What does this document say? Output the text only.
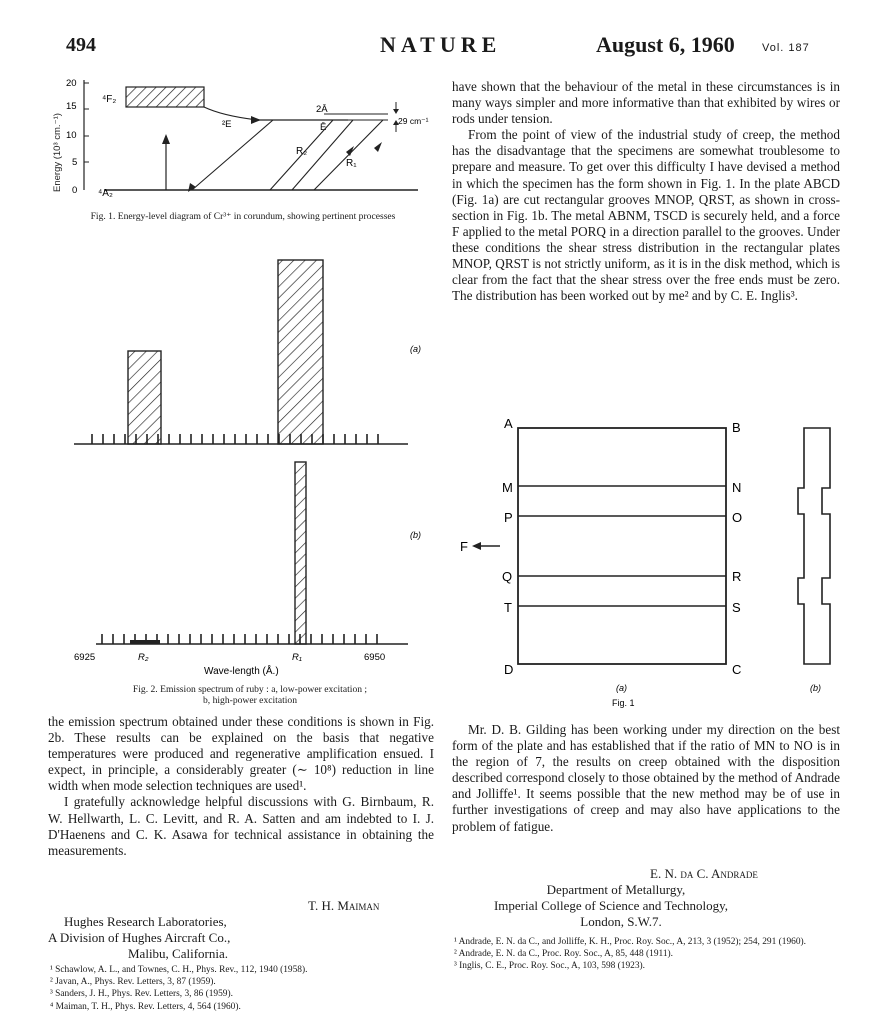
494	NATURE	August 6, 1960 Vol. 187
Energy (10³ cm.⁻¹)
20
15
10
5
0
⁴F₂
⁴A₂
²E
2Ā
Ē
29 cm⁻¹
R₂
R₁
Fig. 1. Energy-level diagram of Cr³⁺ in corundum, showing pertinent processes
(a)
(b)
6925	R₂	R₁	6950
Wave-length (Å.)
Fig. 2. Emission spectrum of ruby : a, low-power excitation ;
b, high-power excitation

the emission spectrum obtained under these conditions is shown in Fig. 2b. These results can be explained on the basis that negative temperatures were produced and regenerative amplification ensued. I expect, in principle, a considerably greater (∼ 10⁸) reduction in line width when mode selection techniques are used¹.

I gratefully acknowledge helpful discussions with G. Birnbaum, R. W. Hellwarth, L. C. Levitt, and R. A. Satten and am indebted to I. J. D'Haenens and C. K. Asawa for technical assistance in obtaining the measurements.

T. H. Maiman
Hughes Research Laboratories,
A Division of Hughes Aircraft Co.,
Malibu, California.
¹ Schawlow, A. L., and Townes, C. H., Phys. Rev., 112, 1940 (1958).
² Javan, A., Phys. Rev. Letters, 3, 87 (1959).
³ Sanders, J. H., Phys. Rev. Letters, 3, 86 (1959).
⁴ Maiman, T. H., Phys. Rev. Letters, 4, 564 (1960).

have shown that the behaviour of the metal in these circumstances is in many ways simpler and more informative than that exhibited by wires or rods under tension.

From the point of view of the industrial study of creep, the method has the disadvantage that the specimens are somewhat troublesome to prepare and measure. To get over this difficulty I have devised a method in which the specimen has the form shown in Fig. 1. In the plate ABCD (Fig. 1a) are cut rectangular grooves MNOP, QRST, as shown in cross-section in Fig. 1b. The metal ABNM, TSCD is securely held, and a force F applied to the metal PORQ in a direction parallel to the grooves. Under these conditions the shear stress distribution in the rectangular plates MNOP, QRST is not strictly uniform, as it is in the disk method, which is clear from the fact that the shear stress over the free ends must be zero. The distribution has been worked out by me² and by C. E. Inglis³.

A	B
M	N
P	O
F
Q	R
T	S
D	C
(a)	(b)
Fig. 1

Mr. D. B. Gilding has been working under my direction on the best form of the plate and has established that if the ratio of MN to NO is in the region of 7, the results on creep obtained with the disposition described correspond closely to those obtained by the method of Andrade and Jolliffe¹. It seems possible that the new method may be of use in further investigations of creep and may also have applications to the problem of fatigue.

E. N. da C. Andrade
Department of Metallurgy,
Imperial College of Science and Technology,
London, S.W.7.
¹ Andrade, E. N. da C., and Jolliffe, K. H., Proc. Roy. Soc., A, 213, 3 (1952); 254, 291 (1960).
² Andrade, E. N. da C., Proc. Roy. Soc., A, 85, 448 (1911).
³ Inglis, C. E., Proc. Roy. Soc., A, 103, 598 (1923).
